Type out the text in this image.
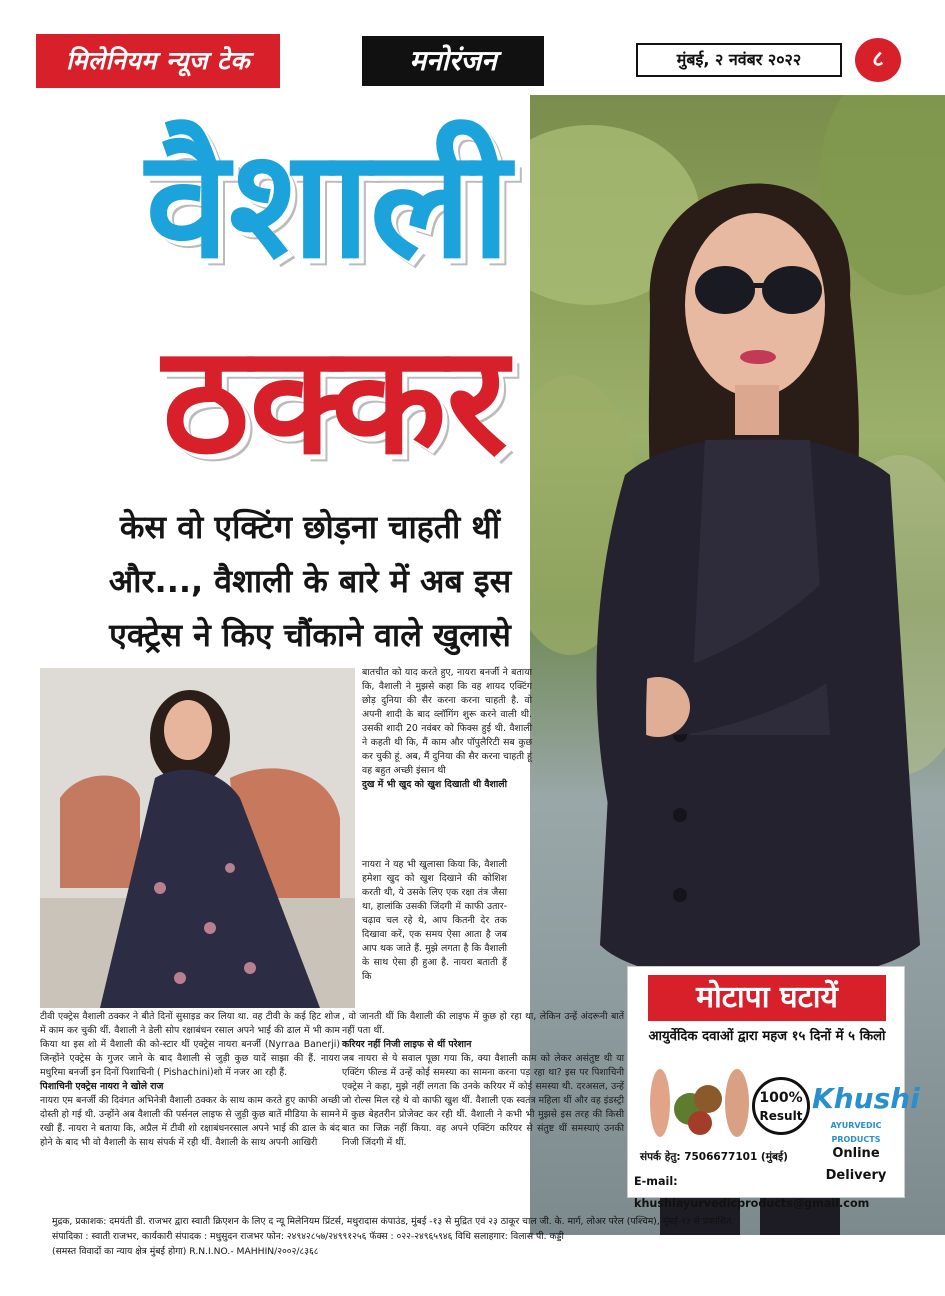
मिलेनियम न्यूज टेक	मनोरंजन	मुंबई, २ नवंबर २०२२	८
वैशाली
ठक्कर
केस वो एक्टिंग छोड़ना चाहती थीं
और..., वैशाली के बारे में अब इस
एक्ट्रेस ने किए चौंकाने वाले खुलासे

बातचीत को याद करते हुए, नायरा बनर्जी ने बताया कि, वैशाली ने मुझसे कहा कि वह शायद एक्टिंग छोड़ दुनिया की सैर करना करना चाहती है. वो अपनी शादी के बाद व्लॉगिंग शुरू करने वाली थी. उसकी शादी 20 नवंबर को फिक्स हुई थी. वैशाली ने कहती थी कि, मैं काम और पॉपुलैरिटी सब कुछ कर चुकी हूं. अब, मैं दुनिया की सैर करना चाहती हूं वह बहुत अच्छी इंसान थी

दुख में भी खुद को खुश दिखाती थी वैशाली

नायरा ने यह भी खुलासा किया कि, वैशाली हमेशा खुद को खुश दिखाने की कोशिश करती थी, ये उसके लिए एक रक्षा तंत्र जैसा था, हालांकि उसकी जिंदगी में काफी उतार-चढ़ाव चल रहे थे, आप कितनी देर तक दिखावा करें, एक समय ऐसा आता है जब आप थक जाते हैं. मुझे लगता है कि वैशाली के साथ ऐसा ही हुआ है. नायरा बताती हैं कि

टीवी एक्ट्रेस वैशाली ठक्कर ने बीते दिनों सुसाइड कर लिया था. वह टीवी के कई हिट शोज में काम कर चुकी थीं. वैशाली ने डेली सोप रक्षाबंधन रसाल अपने भाई की ढाल में भी काम किया था इस शो में वैशाली की को-स्टार थीं एक्ट्रेस नायरा बनर्जी (Nyrraa Banerji) जिन्होंने एक्ट्रेस के गुजर जाने के बाद वैशाली से जुड़ी कुछ यादें साझा की हैं. नायरा मधुरिमा बनर्जी इन दिनों पिशाचिनी ( Pishachini)शो में नजर आ रही हैं.

पिशाचिनी एक्ट्रेस नायरा ने खोले राज

नायरा एम बनर्जी की दिवंगत अभिनेत्री वैशाली ठक्कर के साथ काम करते हुए काफी अच्छी दोस्ती हो गई थी. उन्होंने अब वैशाली की पर्सनल लाइफ से जुड़ी कुछ बातें मीडिया के सामने रखी हैं. नायरा ने बताया कि, अप्रैल में टीवी शो रक्षाबंधनरसाल अपने भाई की ढाल के बंद होने के बाद भी वो वैशाली के साथ संपर्क में रही थीं. वैशाली के साथ अपनी आखिरी

, वो जानती थीं कि वैशाली की लाइफ में कुछ हो रहा था, लेकिन उन्हें अंदरूनी बातें नहीं पता थीं.

करियर नहीं निजी लाइफ से थीं परेशान

जब नायरा से ये सवाल पूछा गया कि, क्या वैशाली काम को लेकर असंतुष्ट थी या एक्टिंग फील्ड में उन्हें कोई समस्या का सामना करना पड़ रहा था? इस पर पिशाचिनी एक्ट्रेस ने कहा, मुझे नहीं लगता कि उनके करियर में कोई समस्या थी. दरअसल, उन्हें जो रोल्स मिल रहे थे वो काफी खुश थीं. वैशाली एक स्वतंत्र महिला थीं और वह इंडस्ट्री में कुछ बेहतरीन प्रोजेक्ट कर रही थीं. वैशाली ने कभी भी मुझसे इस तरह की किसी बात का जिक्र नहीं किया. वह अपने एक्टिंग करियर से संतुष्ट थीं समस्याएं उनकी निजी जिंदगी में थीं.

मोटापा घटायें
आयुर्वेदिक दवाओं द्वारा महज १५ दिनों में ५ किलो
100%
Result
Khushi
AYURVEDIC PRODUCTS
Online Delivery
संपर्क हेतु: 7506677101 (मुंबई)
E-mail: khushiayurvedicproducts@gmail.com
मुद्रक, प्रकाशक: दमयंती डी. राजभर द्वारा स्वाती क्रिएशन के लिए द न्यू मिलेनियम प्रिंटर्स, मथुरादास कंपाउंड, मुंबई -१३ से मुद्रित एवं २३ ठाकूर चाल जी. के. मार्ग, लोअर परेल (पश्चिम), मुंबई-१३ से प्रकाशित,
संपादिका : स्वाती राजभर, कार्यकारी संपादक : मधुसुदन राजभर फोन: २४९४२८५७/२४९९१२५६ फॅक्स : ०२२-२४९६५९४६ विधि सलाहगार: विलास पी. कड्डी
(समस्त विवादों का न्याय क्षेत्र मुंबई होगा) R.N.I.NO.- MAHHIN/२००२/८३६८
